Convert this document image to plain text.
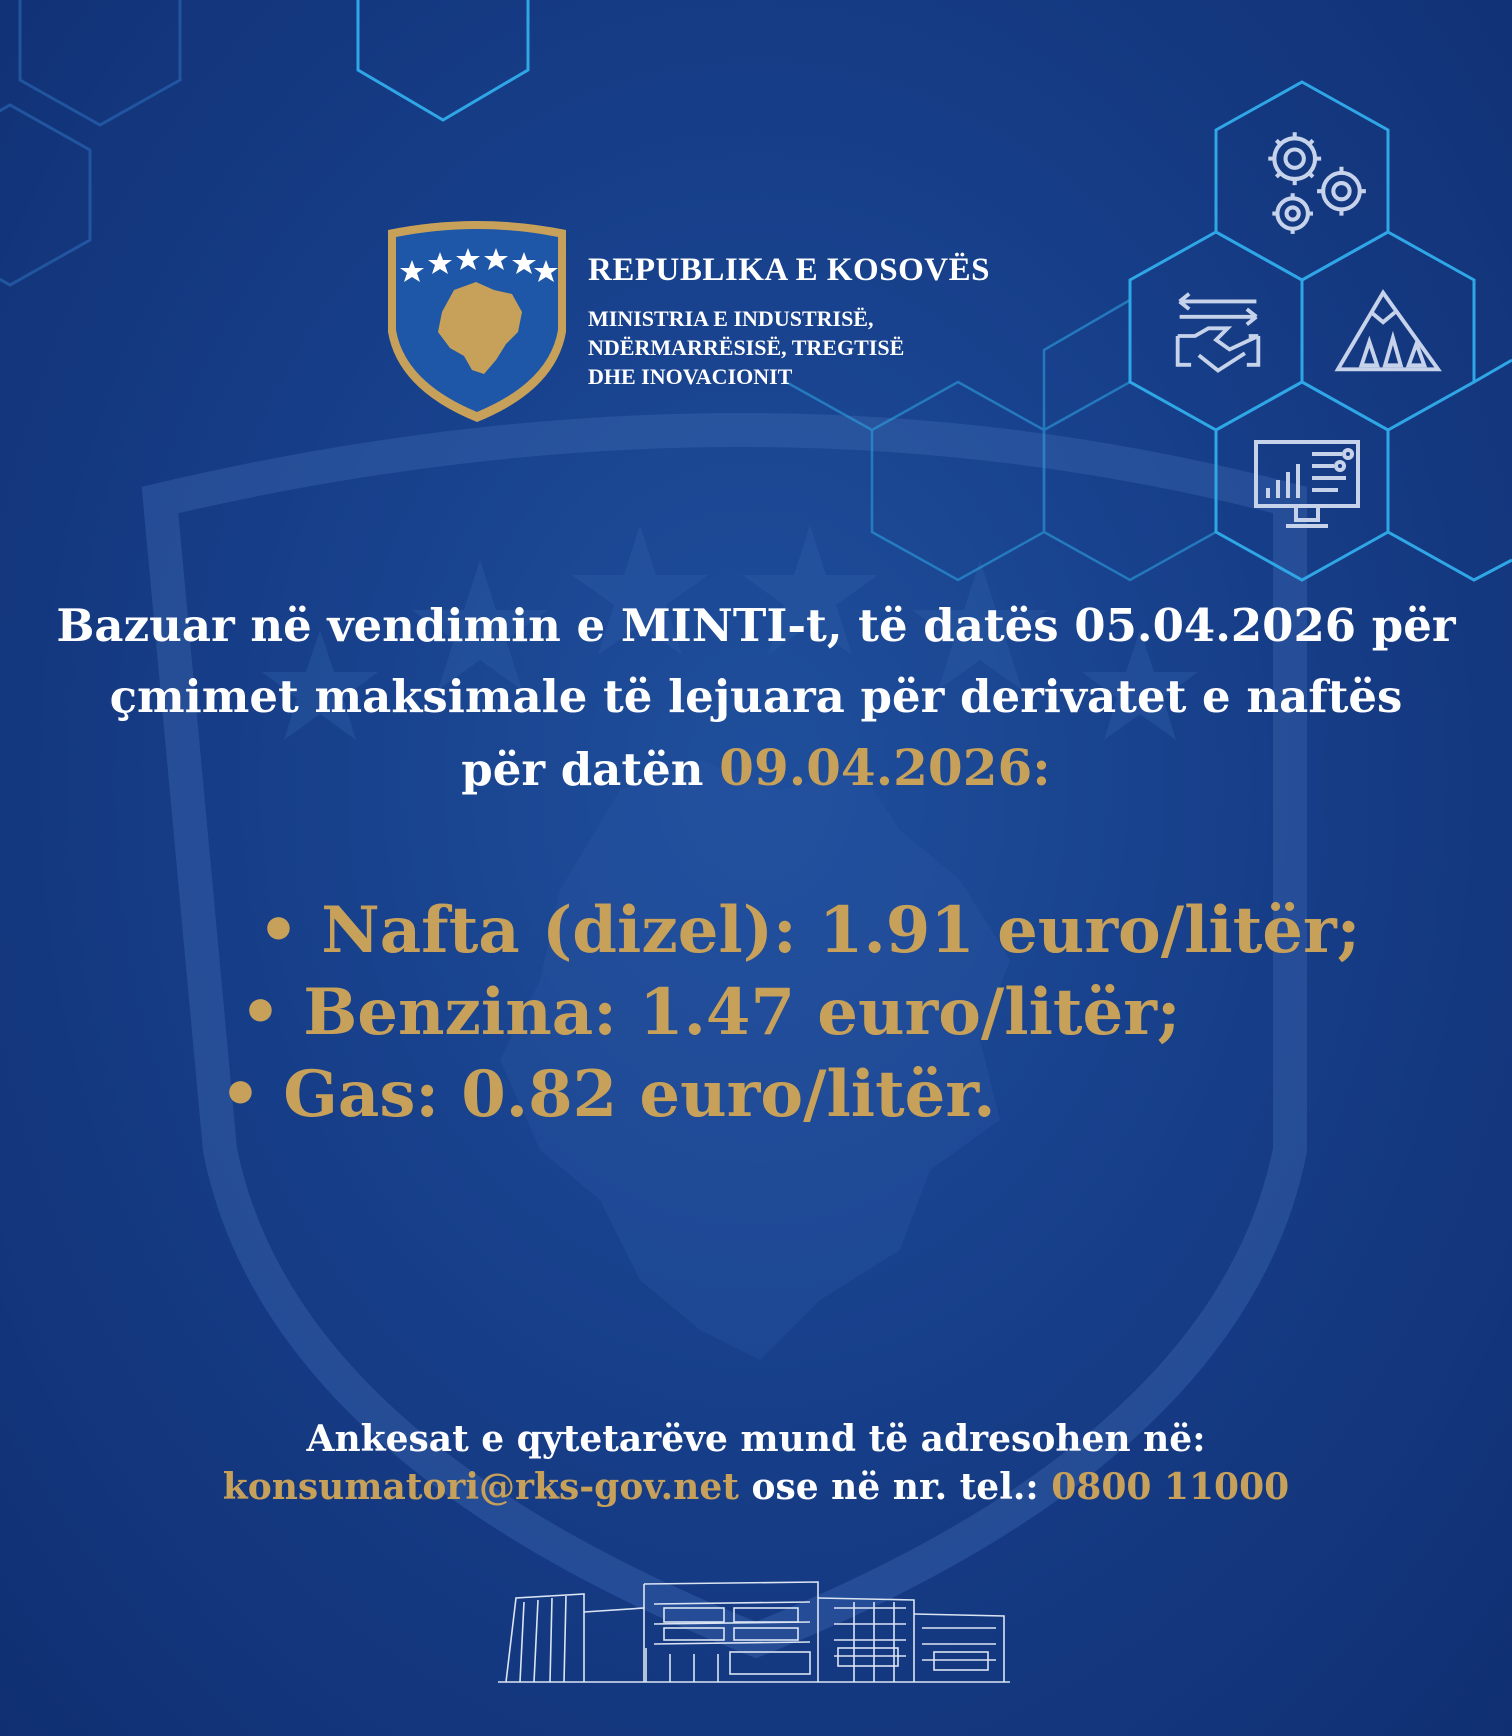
REPUBLIKA E KOSOVËS
MINISTRIA E INDUSTRISË,
NDËRMARRËSISË, TREGTISË
DHE INOVACIONIT
Bazuar në vendimin e MINTI-t, të datës 05.04.2026 për
çmimet maksimale të lejuara për derivatet e naftës
për datën 09.04.2026:
• Nafta (dizel): 1.91 euro/litër;
• Benzina: 1.47 euro/litër;
• Gas: 0.82 euro/litër.
Ankesat e qytetarëve mund të adresohen në:
konsumatori@rks-gov.net ose në nr. tel.: 0800 11000
